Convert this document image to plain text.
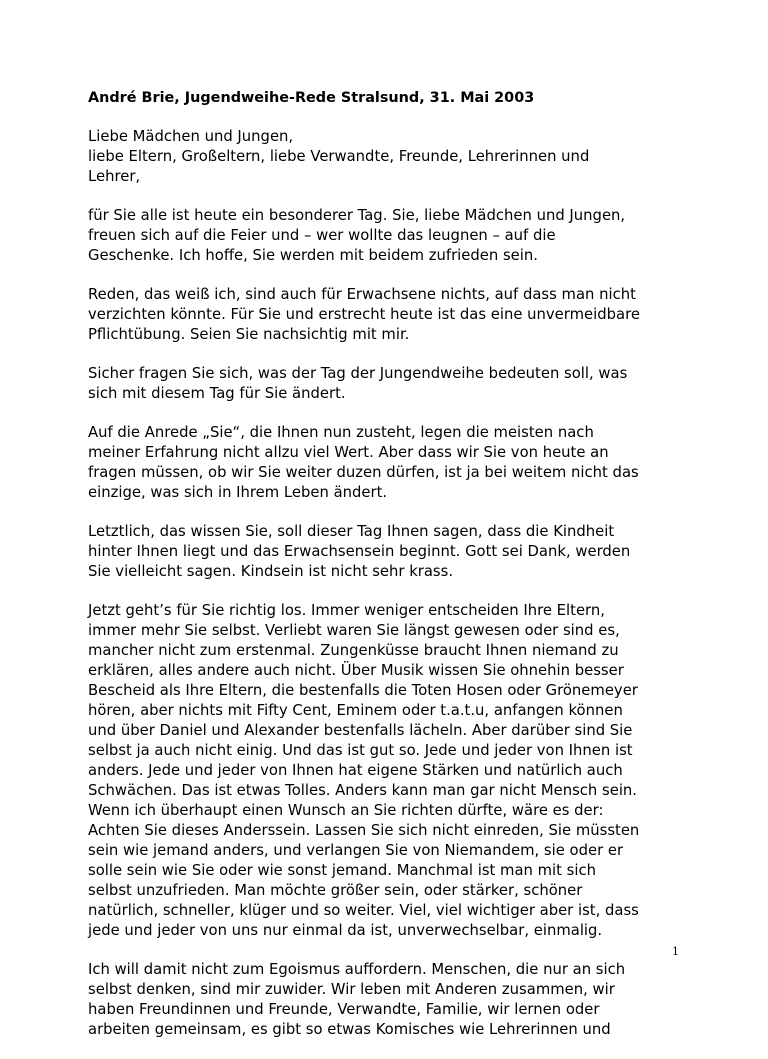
André Brie, Jugendweihe-Rede Stralsund, 31. Mai 2003
Liebe Mädchen und Jungen,
liebe Eltern, Großeltern, liebe Verwandte, Freunde, Lehrerinnen und
Lehrer,
für Sie alle ist heute ein besonderer Tag. Sie, liebe Mädchen und Jungen,
freuen sich auf die Feier und – wer wollte das leugnen – auf die
Geschenke. Ich hoffe, Sie werden mit beidem zufrieden sein.
Reden, das weiß ich, sind auch für Erwachsene nichts, auf dass man nicht
verzichten könnte. Für Sie und erstrecht heute ist das eine unvermeidbare
Pflichtübung. Seien Sie nachsichtig mit mir.
Sicher fragen Sie sich, was der Tag der Jungendweihe bedeuten soll, was
sich mit diesem Tag für Sie ändert.
Auf die Anrede „Sie“, die Ihnen nun zusteht, legen die meisten nach
meiner Erfahrung nicht allzu viel Wert. Aber dass wir Sie von heute an
fragen müssen, ob wir Sie weiter duzen dürfen, ist ja bei weitem nicht das
einzige, was sich in Ihrem Leben ändert.
Letztlich, das wissen Sie, soll dieser Tag Ihnen sagen, dass die Kindheit
hinter Ihnen liegt und das Erwachsensein beginnt. Gott sei Dank, werden
Sie vielleicht sagen. Kindsein ist nicht sehr krass.
Jetzt geht’s für Sie richtig los. Immer weniger entscheiden Ihre Eltern,
immer mehr Sie selbst. Verliebt waren Sie längst gewesen oder sind es,
mancher nicht zum erstenmal. Zungenküsse braucht Ihnen niemand zu
erklären, alles andere auch nicht. Über Musik wissen Sie ohnehin besser
Bescheid als Ihre Eltern, die bestenfalls die Toten Hosen oder Grönemeyer
hören, aber nichts mit Fifty Cent, Eminem oder t.a.t.u, anfangen können
und über Daniel und Alexander bestenfalls lächeln. Aber darüber sind Sie
selbst ja auch nicht einig. Und das ist gut so. Jede und jeder von Ihnen ist
anders. Jede und jeder von Ihnen hat eigene Stärken und natürlich auch
Schwächen. Das ist etwas Tolles. Anders kann man gar nicht Mensch sein.
Wenn ich überhaupt einen Wunsch an Sie richten dürfte, wäre es der:
Achten Sie dieses Anderssein. Lassen Sie sich nicht einreden, Sie müssten
sein wie jemand anders, und verlangen Sie von Niemandem, sie oder er
solle sein wie Sie oder wie sonst jemand. Manchmal ist man mit sich
selbst unzufrieden. Man möchte größer sein, oder stärker, schöner
natürlich, schneller, klüger und so weiter. Viel, viel wichtiger aber ist, dass
jede und jeder von uns nur einmal da ist, unverwechselbar, einmalig.
Ich will damit nicht zum Egoismus auffordern. Menschen, die nur an sich
selbst denken, sind mir zuwider. Wir leben mit Anderen zusammen, wir
haben Freundinnen und Freunde, Verwandte, Familie, wir lernen oder
arbeiten gemeinsam, es gibt so etwas Komisches wie Lehrerinnen und
1
